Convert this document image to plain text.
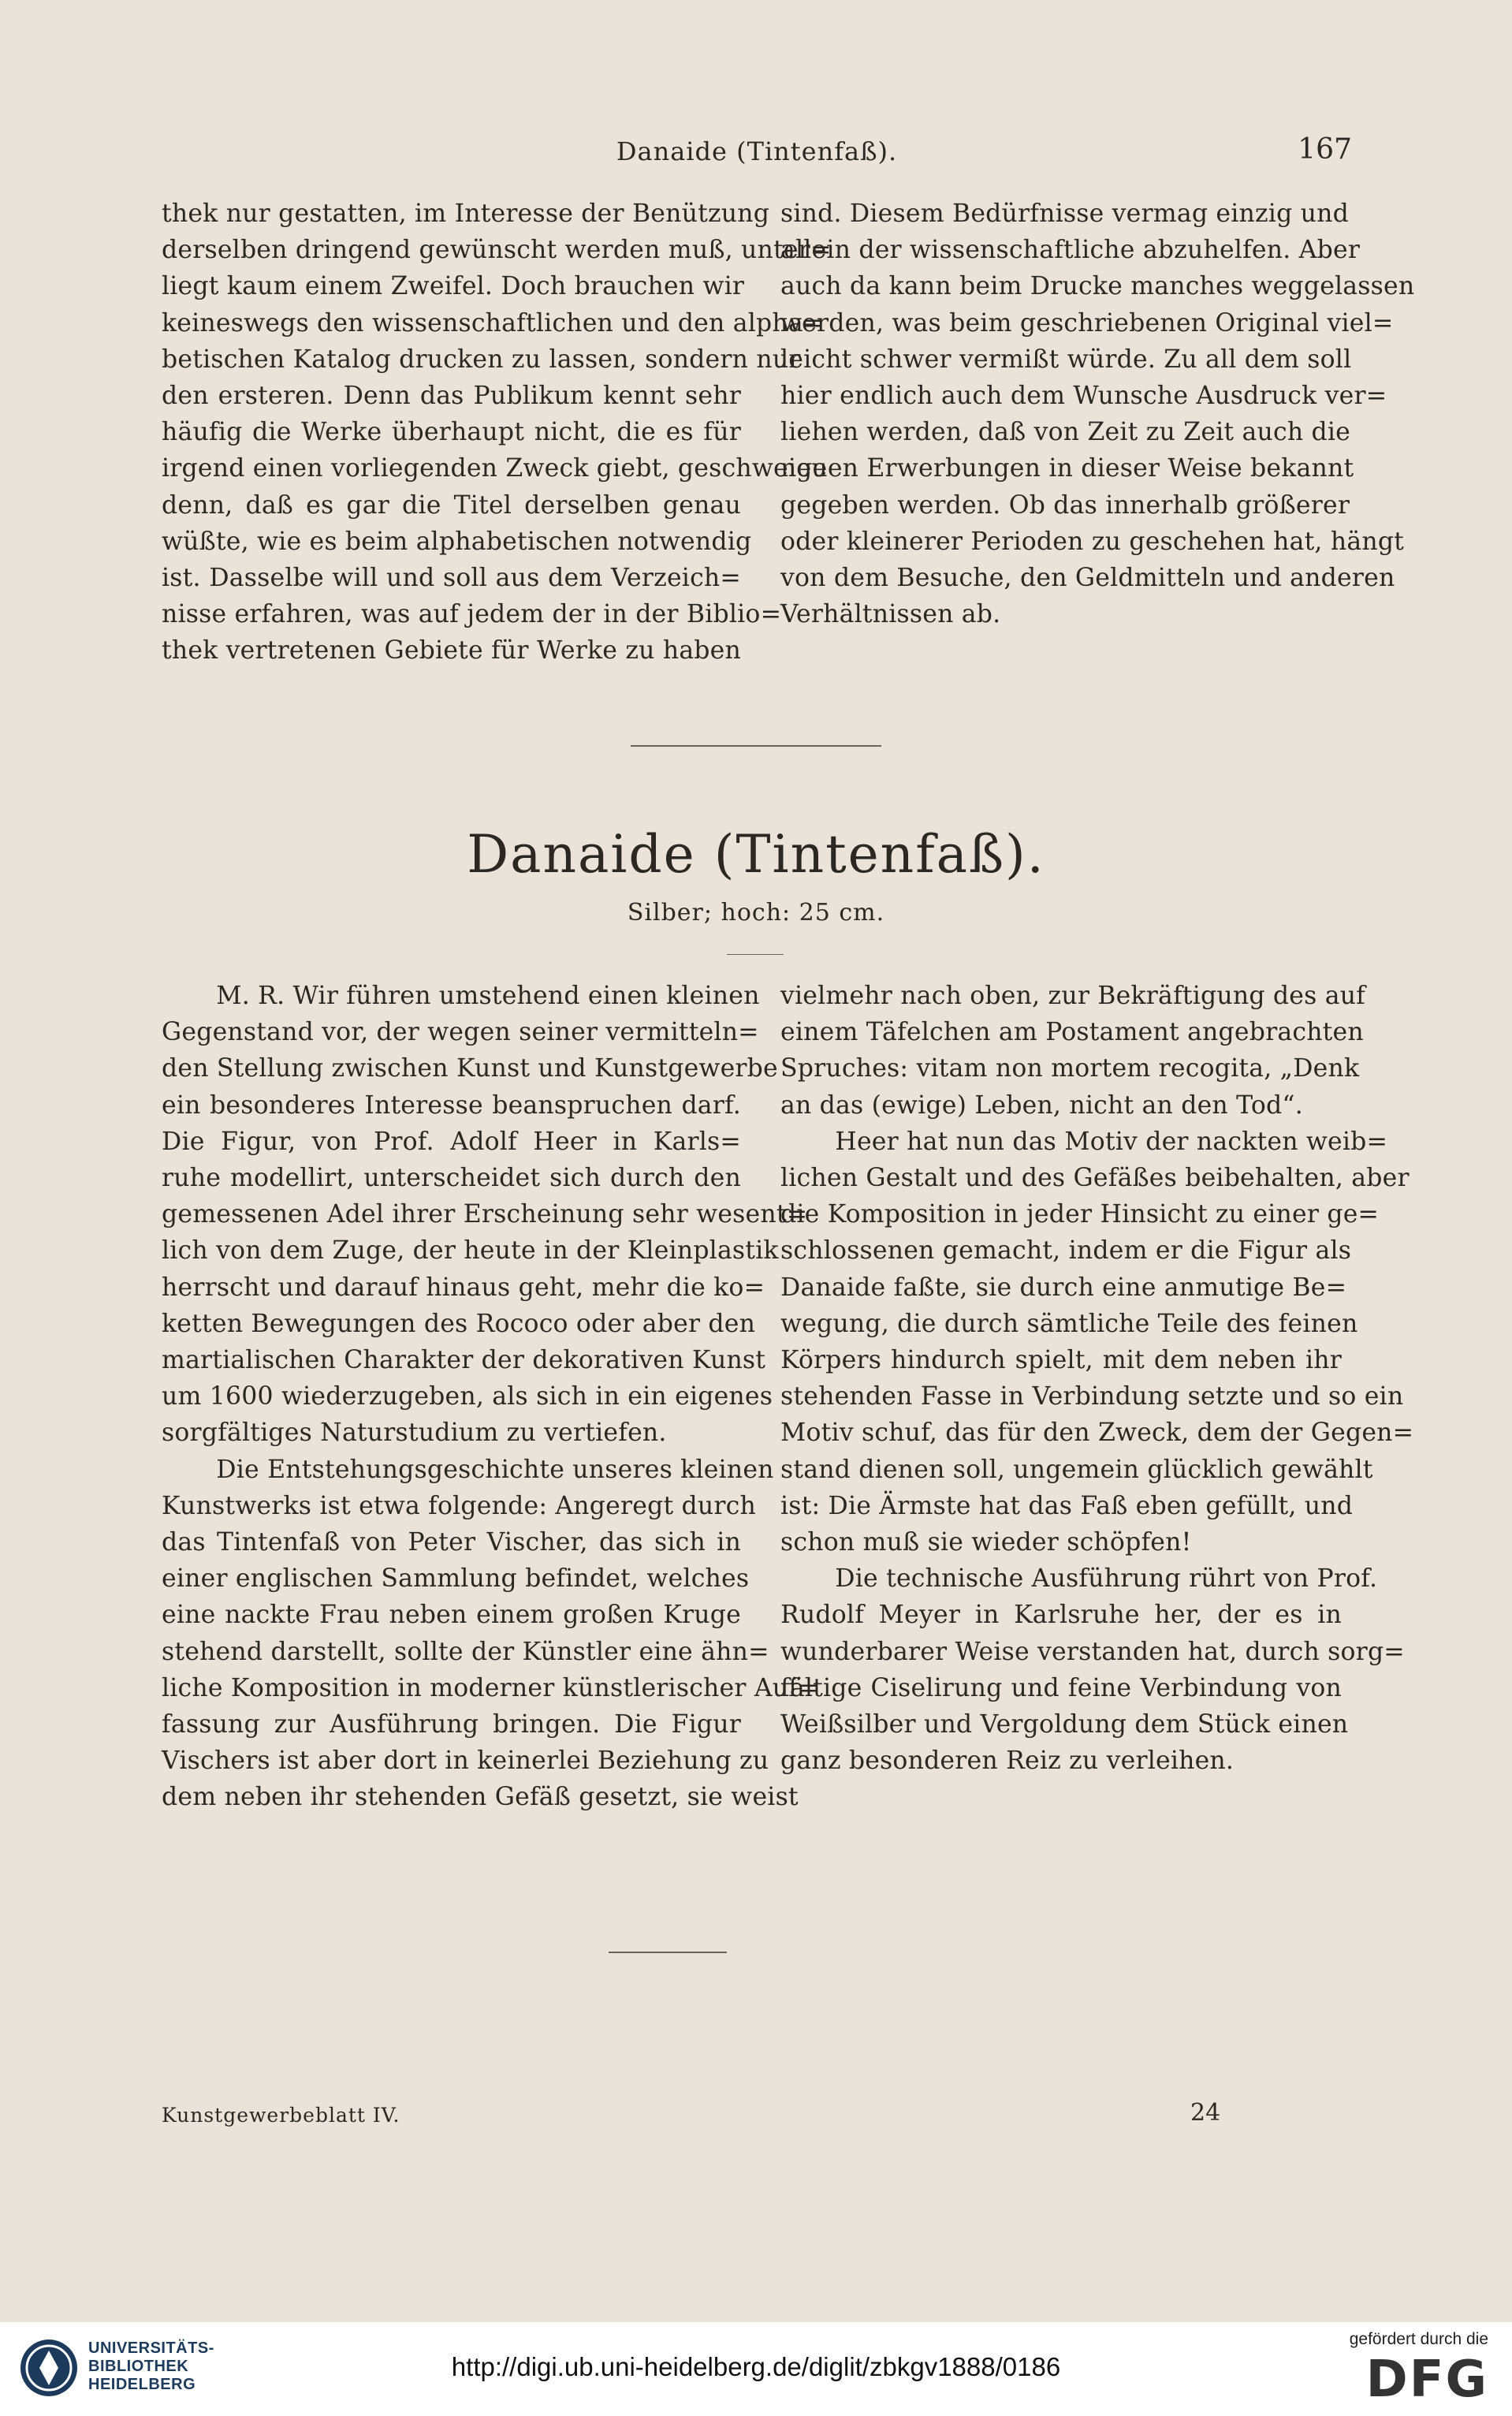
Danaide (Tintenfaß).	167
thek nur gestatten, im Interesse der Benützung
derselben dringend gewünscht werden muß, unter=
liegt kaum einem Zweifel. Doch brauchen wir
keineswegs den wissenschaftlichen und den alpha=
betischen Katalog drucken zu lassen, sondern nur
den ersteren. Denn das Publikum kennt sehr
häufig die Werke überhaupt nicht, die es für
irgend einen vorliegenden Zweck giebt, geschweige
denn, daß es gar die Titel derselben genau
wüßte, wie es beim alphabetischen notwendig
ist. Dasselbe will und soll aus dem Verzeich=
nisse erfahren, was auf jedem der in der Biblio=
thek vertretenen Gebiete für Werke zu haben
sind. Diesem Bedürfnisse vermag einzig und
allein der wissenschaftliche abzuhelfen. Aber
auch da kann beim Drucke manches weggelassen
werden, was beim geschriebenen Original viel=
leicht schwer vermißt würde. Zu all dem soll
hier endlich auch dem Wunsche Ausdruck ver=
liehen werden, daß von Zeit zu Zeit auch die
neuen Erwerbungen in dieser Weise bekannt
gegeben werden. Ob das innerhalb größerer
oder kleinerer Perioden zu geschehen hat, hängt
von dem Besuche, den Geldmitteln und anderen
Verhältnissen ab.
Danaide (Tintenfaß).
Silber; hoch: 25 cm.
M. R. Wir führen umstehend einen kleinen
Gegenstand vor, der wegen seiner vermitteln=
den Stellung zwischen Kunst und Kunstgewerbe
ein besonderes Interesse beanspruchen darf.
Die Figur, von Prof. Adolf Heer in Karls=
ruhe modellirt, unterscheidet sich durch den
gemessenen Adel ihrer Erscheinung sehr wesent=
lich von dem Zuge, der heute in der Kleinplastik
herrscht und darauf hinaus geht, mehr die ko=
ketten Bewegungen des Rococo oder aber den
martialischen Charakter der dekorativen Kunst
um 1600 wiederzugeben, als sich in ein eigenes
sorgfältiges Naturstudium zu vertiefen.
Die Entstehungsgeschichte unseres kleinen
Kunstwerks ist etwa folgende: Angeregt durch
das Tintenfaß von Peter Vischer, das sich in
einer englischen Sammlung befindet, welches
eine nackte Frau neben einem großen Kruge
stehend darstellt, sollte der Künstler eine ähn=
liche Komposition in moderner künstlerischer Auf=
fassung zur Ausführung bringen. Die Figur
Vischers ist aber dort in keinerlei Beziehung zu
dem neben ihr stehenden Gefäß gesetzt, sie weist
vielmehr nach oben, zur Bekräftigung des auf
einem Täfelchen am Postament angebrachten
Spruches: vitam non mortem recogita, „Denk
an das (ewige) Leben, nicht an den Tod“.
Heer hat nun das Motiv der nackten weib=
lichen Gestalt und des Gefäßes beibehalten, aber
die Komposition in jeder Hinsicht zu einer ge=
schlossenen gemacht, indem er die Figur als
Danaide faßte, sie durch eine anmutige Be=
wegung, die durch sämtliche Teile des feinen
Körpers hindurch spielt, mit dem neben ihr
stehenden Fasse in Verbindung setzte und so ein
Motiv schuf, das für den Zweck, dem der Gegen=
stand dienen soll, ungemein glücklich gewählt
ist: Die Ärmste hat das Faß eben gefüllt, und
schon muß sie wieder schöpfen!
Die technische Ausführung rührt von Prof.
Rudolf Meyer in Karlsruhe her, der es in
wunderbarer Weise verstanden hat, durch sorg=
fältige Ciselirung und feine Verbindung von
Weißsilber und Vergoldung dem Stück einen
ganz besonderen Reiz zu verleihen.
Kunstgewerbeblatt IV.	24
UNIVERSITÄTS-
BIBLIOTHEK
HEIDELBERG
http://digi.ub.uni-heidelberg.de/diglit/zbkgv1888/0186
gefördert durch die
DFG
